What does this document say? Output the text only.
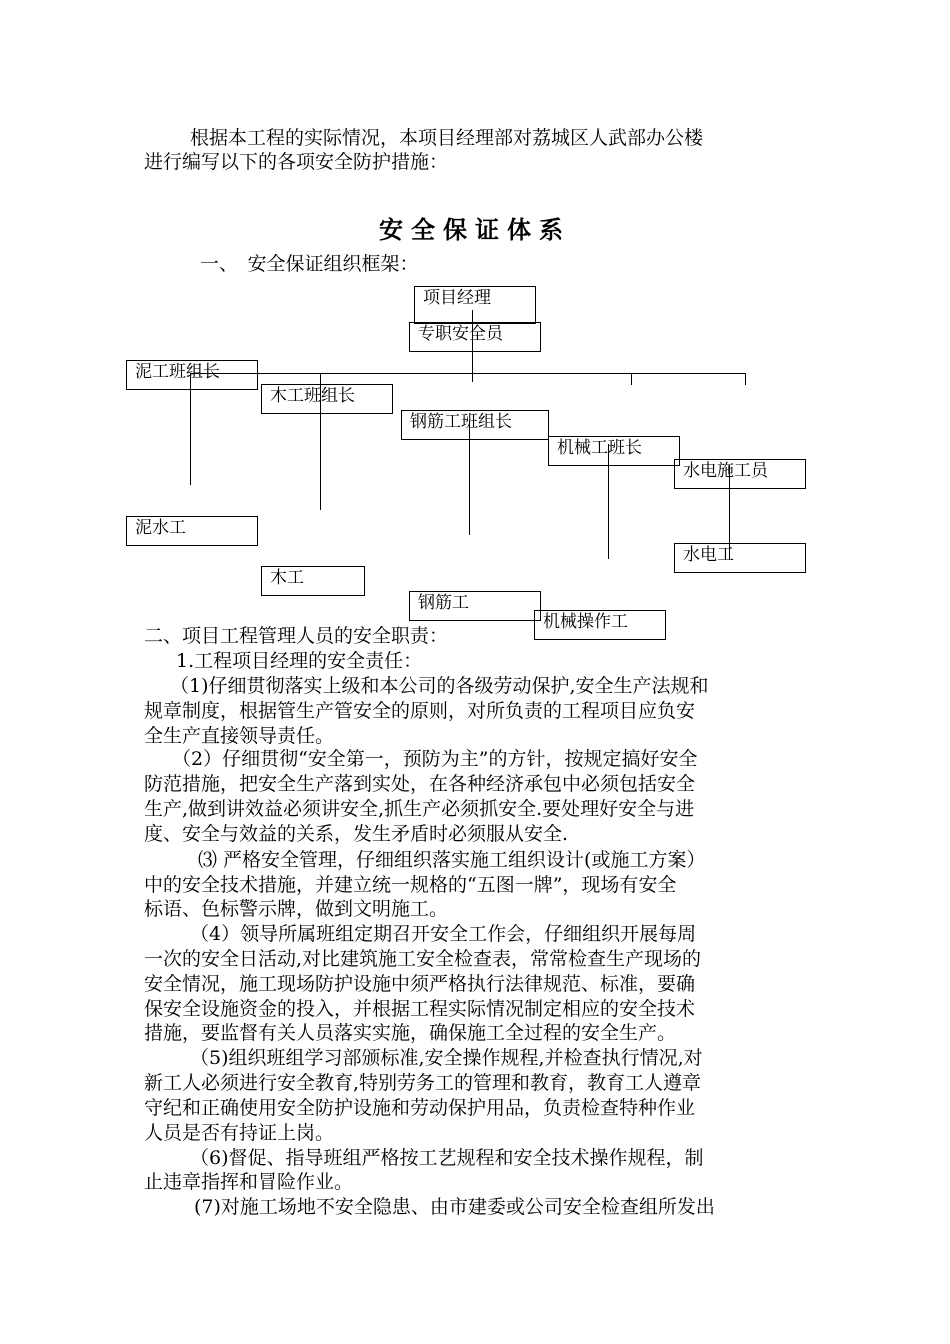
根据本工程的实际情况，本项目经理部对荔城区人武部办公楼
进行编写以下的各项安全防护措施：
安全保证体系
一、　安全保证组织框架：
项目经理
专职安全员
泥工班组长
木工班组长
钢筋工班组长
机械工班长
水电施工员
泥水工
木工
钢筋工
机械操作工
水电工
二、项目工程管理人员的安全职责：
1.工程项目经理的安全责任：
（1)仔细贯彻落实上级和本公司的各级劳动保护,安全生产法规和
规章制度，根据管生产管安全的原则，对所负责的工程项目应负安
全生产直接领导责任。
（2）仔细贯彻“安全第一，预防为主”的方针，按规定搞好安全
防范措施，把安全生产落到实处，在各种经济承包中必须包括安全
生产,做到讲效益必须讲安全,抓生产必须抓安全.要处理好安全与进
度、安全与效益的关系，发生矛盾时必须服从安全.
⑶ 严格安全管理，仔细组织落实施工组织设计(或施工方案）
中的安全技术措施，并建立统一规格的“五图一牌”，现场有安全
标语、色标警示牌，做到文明施工。
（4）领导所属班组定期召开安全工作会，仔细组织开展每周
一次的安全日活动,对比建筑施工安全检查表，常常检查生产现场的
安全情况，施工现场防护设施中须严格执行法律规范、标准，要确
保安全设施资金的投入，并根据工程实际情况制定相应的安全技术
措施，要监督有关人员落实实施，确保施工全过程的安全生产。
（5)组织班组学习部颁标准,安全操作规程,并检查执行情况,对
新工人必须进行安全教育,特别劳务工的管理和教育，教育工人遵章
守纪和正确使用安全防护设施和劳动保护用品，负责检查特种作业
人员是否有持证上岗。
（6)督促、指导班组严格按工艺规程和安全技术操作规程，制
止违章指挥和冒险作业。
(7)对施工场地不安全隐患、由市建委或公司安全检查组所发出
